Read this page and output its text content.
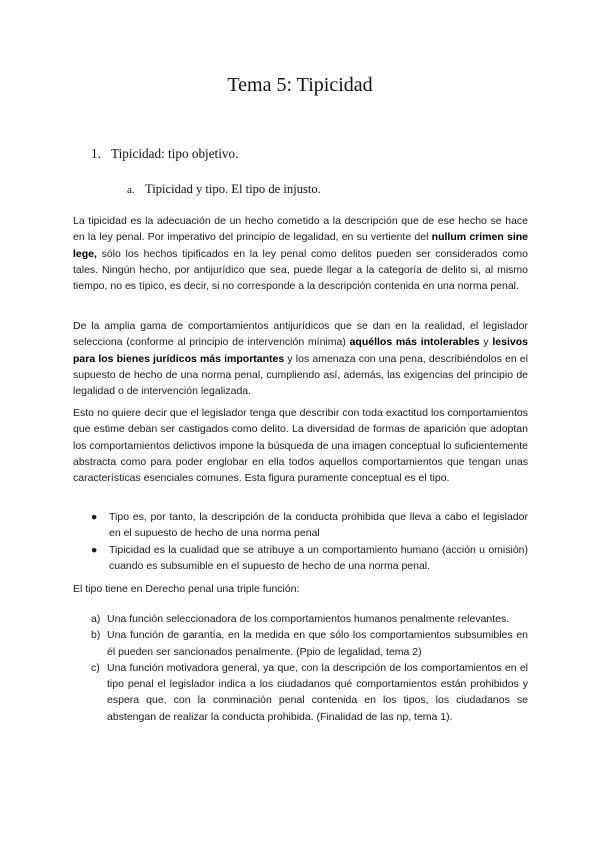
Tema 5: Tipicidad
1. Tipicidad: tipo objetivo.
a. Tipicidad y tipo. El tipo de injusto.

La tipicidad es la adecuación de un hecho cometido a la descripción que de ese hecho se hace en la ley penal. Por imperativo del principio de legalidad, en su vertiente del nullum crimen sine lege, sólo los hechos tipificados en la ley penal como delitos pueden ser considerados como tales. Ningún hecho, por antijurídico que sea, puede llegar a la categoría de delito si, al mismo tiempo, no es típico, es decir, si no corresponde a la descripción contenida en una norma penal.

De la amplia gama de comportamientos antijurídicos que se dan en la realidad, el legislador selecciona (conforme al principio de intervención mínima) aquéllos más intolerables y lesivos para los bienes jurídicos más importantes y los amenaza con una pena, describiéndolos en el supuesto de hecho de una norma penal, cumpliendo así, además, las exigencias del principio de legalidad o de intervención legalizada.

Esto no quiere decir que el legislador tenga que describir con toda exactitud los comportamientos que estime deban ser castigados como delito. La diversidad de formas de aparición que adoptan los comportamientos delictivos impone la búsqueda de una imagen conceptual lo suficientemente abstracta como para poder englobar en ella todos aquellos comportamientos que tengan unas características esenciales comunes. Esta figura puramente conceptual es el tipo.

● Tipo es, por tanto, la descripción de la conducta prohibida que lleva a cabo el legislador en el supuesto de hecho de una norma penal
● Tipicidad es la cualidad que se atribuye a un comportamiento humano (acción u omisión) cuando es subsumible en el supuesto de hecho de una norma penal.

El tipo tiene en Derecho penal una triple función:

a) Una función seleccionadora de los comportamientos humanos penalmente relevantes.
b) Una función de garantía, en la medida en que sólo los comportamientos subsumibles en él pueden ser sancionados penalmente. (Ppio de legalidad, tema 2)
c) Una función motivadora general, ya que, con la descripción de los comportamientos en el tipo penal el legislador indica a los ciudadanos qué comportamientos están prohibidos y espera que, con la conminación penal contenida en los tipos, los ciudadanos se abstengan de realizar la conducta prohibida. (Finalidad de las np, tema 1).
